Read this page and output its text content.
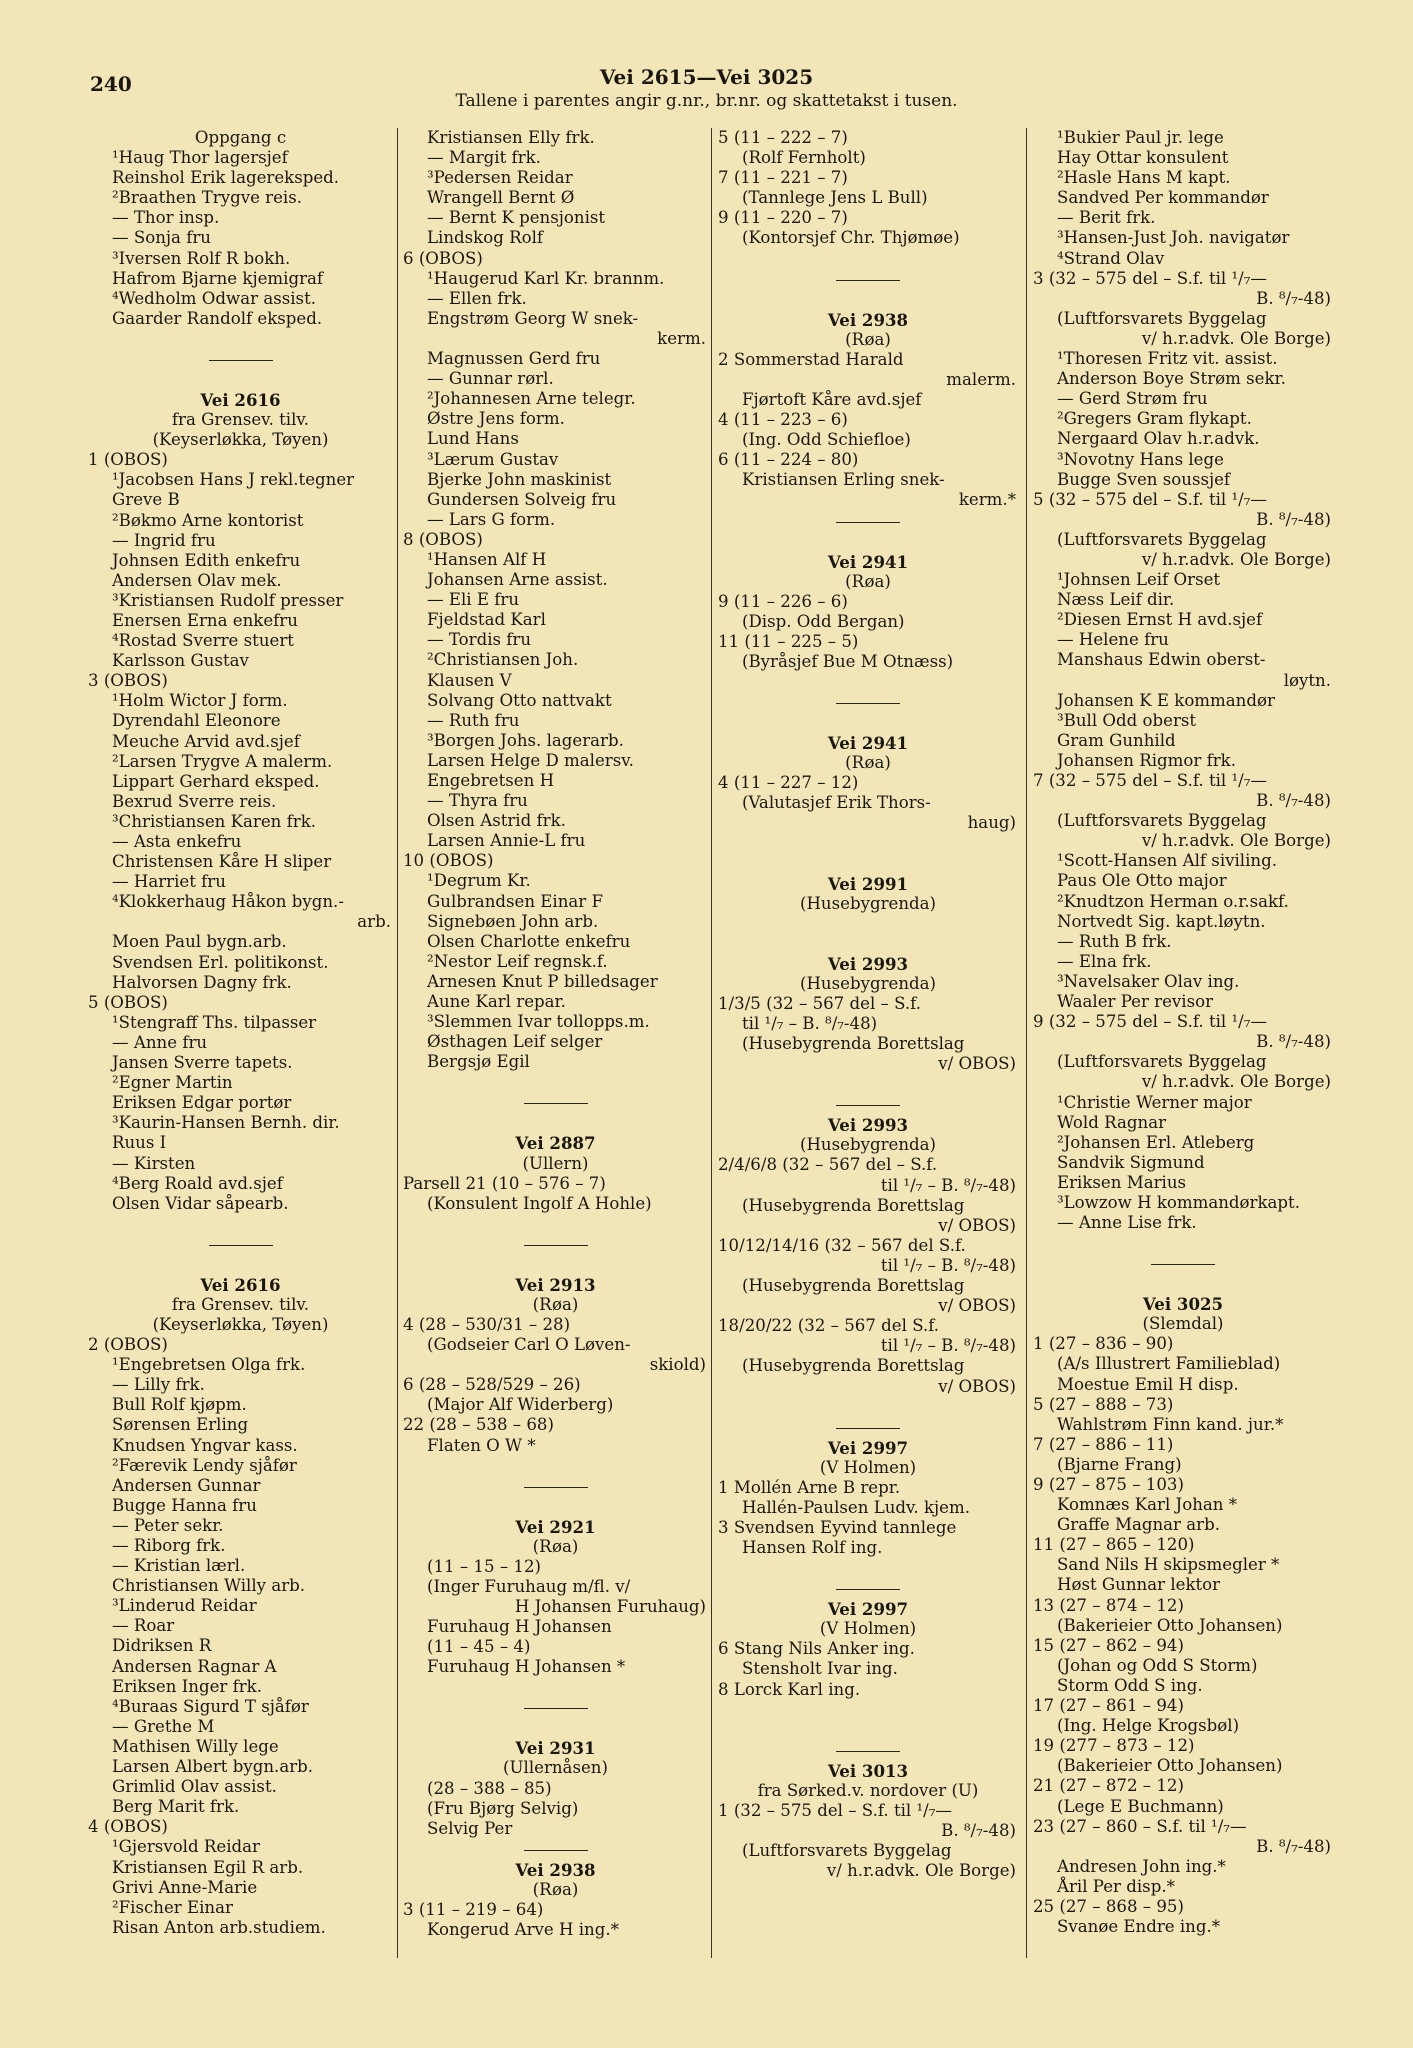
240	Vei 2615—Vei 3025
Tallene i parentes angir g.nr., br.nr. og skattetakst i tusen.
Oppgang c
¹Haug Thor lagersjef
Reinshol Erik lagereksped.
²Braathen Trygve reis.
— Thor insp.
— Sonja fru
³Iversen Rolf R bokh.
Hafrom Bjarne kjemigraf
⁴Wedholm Odwar assist.
Gaarder Randolf eksped.
Vei 2616
fra Grensev. tilv.
(Keyserløkka, Tøyen)
1 (OBOS)
¹Jacobsen Hans J rekl.tegner
Greve B
²Bøkmo Arne kontorist
— Ingrid fru
Johnsen Edith enkefru
Andersen Olav mek.
³Kristiansen Rudolf presser
Enersen Erna enkefru
⁴Rostad Sverre stuert
Karlsson Gustav
3 (OBOS)
¹Holm Wictor J form.
Dyrendahl Eleonore
Meuche Arvid avd.sjef
²Larsen Trygve A malerm.
Lippart Gerhard eksped.
Bexrud Sverre reis.
³Christiansen Karen frk.
— Asta enkefru
Christensen Kåre H sliper
— Harriet fru
⁴Klokkerhaug Håkon bygn.-
arb.
Moen Paul bygn.arb.
Svendsen Erl. politikonst.
Halvorsen Dagny frk.
5 (OBOS)
¹Stengraff Ths. tilpasser
— Anne fru
Jansen Sverre tapets.
²Egner Martin
Eriksen Edgar portør
³Kaurin-Hansen Bernh. dir.
Ruus I
— Kirsten
⁴Berg Roald avd.sjef
Olsen Vidar såpearb.
Vei 2616
fra Grensev. tilv.
(Keyserløkka, Tøyen)
2 (OBOS)
¹Engebretsen Olga frk.
— Lilly frk.
Bull Rolf kjøpm.
Sørensen Erling
Knudsen Yngvar kass.
²Færevik Lendy sjåfør
Andersen Gunnar
Bugge Hanna fru
— Peter sekr.
— Riborg frk.
— Kristian lærl.
Christiansen Willy arb.
³Linderud Reidar
— Roar
Didriksen R
Andersen Ragnar A
Eriksen Inger frk.
⁴Buraas Sigurd T sjåfør
— Grethe M
Mathisen Willy lege
Larsen Albert bygn.arb.
Grimlid Olav assist.
Berg Marit frk.
4 (OBOS)
¹Gjersvold Reidar
Kristiansen Egil R arb.
Grivi Anne-Marie
²Fischer Einar
Risan Anton arb.studiem.
Kristiansen Elly frk.
— Margit frk.
³Pedersen Reidar
Wrangell Bernt Ø
— Bernt K pensjonist
Lindskog Rolf
6 (OBOS)
¹Haugerud Karl Kr. brannm.
— Ellen frk.
Engstrøm Georg W snek-
kerm.
Magnussen Gerd fru
— Gunnar rørl.
²Johannesen Arne telegr.
Østre Jens form.
Lund Hans
³Lærum Gustav
Bjerke John maskinist
Gundersen Solveig fru
— Lars G form.
8 (OBOS)
¹Hansen Alf H
Johansen Arne assist.
— Eli E fru
Fjeldstad Karl
— Tordis fru
²Christiansen Joh.
Klausen V
Solvang Otto nattvakt
— Ruth fru
³Borgen Johs. lagerarb.
Larsen Helge D malersv.
Engebretsen H
— Thyra fru
Olsen Astrid frk.
Larsen Annie-L fru
10 (OBOS)
¹Degrum Kr.
Gulbrandsen Einar F
Signebøen John arb.
Olsen Charlotte enkefru
²Nestor Leif regnsk.f.
Arnesen Knut P billedsager
Aune Karl repar.
³Slemmen Ivar tollopps.m.
Østhagen Leif selger
Bergsjø Egil
Vei 2887
(Ullern)
Parsell 21 (10 – 576 – 7)
(Konsulent Ingolf A Hohle)
Vei 2913
(Røa)
4 (28 – 530/31 – 28)
(Godseier Carl O Løven-
skiold)
6 (28 – 528/529 – 26)
(Major Alf Widerberg)
22 (28 – 538 – 68)
Flaten O W *
Vei 2921
(Røa)
(11 – 15 – 12)
(Inger Furuhaug m/fl. v/
H Johansen Furuhaug)
Furuhaug H Johansen
(11 – 45 – 4)
Furuhaug H Johansen *
Vei 2931
(Ullernåsen)
(28 – 388 – 85)
(Fru Bjørg Selvig)
Selvig Per
Vei 2938
(Røa)
3 (11 – 219 – 64)
Kongerud Arve H ing.*
5 (11 – 222 – 7)
(Rolf Fernholt)
7 (11 – 221 – 7)
(Tannlege Jens L Bull)
9 (11 – 220 – 7)
(Kontorsjef Chr. Thjømøe)
Vei 2938
(Røa)
2 Sommerstad Harald
malerm.
Fjørtoft Kåre avd.sjef
4 (11 – 223 – 6)
(Ing. Odd Schiefloe)
6 (11 – 224 – 80)
Kristiansen Erling snek-
kerm.*
Vei 2941
(Røa)
9 (11 – 226 – 6)
(Disp. Odd Bergan)
11 (11 – 225 – 5)
(Byråsjef Bue M Otnæss)
Vei 2941
(Røa)
4 (11 – 227 – 12)
(Valutasjef Erik Thors-
haug)
Vei 2991
(Husebygrenda)
Vei 2993
(Husebygrenda)
1/3/5 (32 – 567 del – S.f.
til ¹/₇ – B. ⁸/₇-48)
(Husebygrenda Borettslag
v/ OBOS)
Vei 2993
(Husebygrenda)
2/4/6/8 (32 – 567 del – S.f.
til ¹/₇ – B. ⁸/₇-48)
(Husebygrenda Borettslag
v/ OBOS)
10/12/14/16 (32 – 567 del S.f.
til ¹/₇ – B. ⁸/₇-48)
(Husebygrenda Borettslag
v/ OBOS)
18/20/22 (32 – 567 del S.f.
til ¹/₇ – B. ⁸/₇-48)
(Husebygrenda Borettslag
v/ OBOS)
Vei 2997
(V Holmen)
1 Mollén Arne B repr.
Hallén-Paulsen Ludv. kjem.
3 Svendsen Eyvind tannlege
Hansen Rolf ing.
Vei 2997
(V Holmen)
6 Stang Nils Anker ing.
Stensholt Ivar ing.
8 Lorck Karl ing.
Vei 3013
fra Sørked.v. nordover (U)
1 (32 – 575 del – S.f. til ¹/₇—
B. ⁸/₇-48)
(Luftforsvarets Byggelag
v/ h.r.advk. Ole Borge)
¹Bukier Paul jr. lege
Hay Ottar konsulent
²Hasle Hans M kapt.
Sandved Per kommandør
— Berit frk.
³Hansen-Just Joh. navigatør
⁴Strand Olav
3 (32 – 575 del – S.f. til ¹/₇—
B. ⁸/₇-48)
(Luftforsvarets Byggelag
v/ h.r.advk. Ole Borge)
¹Thoresen Fritz vit. assist.
Anderson Boye Strøm sekr.
— Gerd Strøm fru
²Gregers Gram flykapt.
Nergaard Olav h.r.advk.
³Novotny Hans lege
Bugge Sven soussjef
5 (32 – 575 del – S.f. til ¹/₇—
B. ⁸/₇-48)
(Luftforsvarets Byggelag
v/ h.r.advk. Ole Borge)
¹Johnsen Leif Orset
Næss Leif dir.
²Diesen Ernst H avd.sjef
— Helene fru
Manshaus Edwin oberst-
løytn.
Johansen K E kommandør
³Bull Odd oberst
Gram Gunhild
Johansen Rigmor frk.
7 (32 – 575 del – S.f. til ¹/₇—
B. ⁸/₇-48)
(Luftforsvarets Byggelag
v/ h.r.advk. Ole Borge)
¹Scott-Hansen Alf siviling.
Paus Ole Otto major
²Knudtzon Herman o.r.sakf.
Nortvedt Sig. kapt.løytn.
— Ruth B frk.
— Elna frk.
³Navelsaker Olav ing.
Waaler Per revisor
9 (32 – 575 del – S.f. til ¹/₇—
B. ⁸/₇-48)
(Luftforsvarets Byggelag
v/ h.r.advk. Ole Borge)
¹Christie Werner major
Wold Ragnar
²Johansen Erl. Atleberg
Sandvik Sigmund
Eriksen Marius
³Lowzow H kommandørkapt.
— Anne Lise frk.
Vei 3025
(Slemdal)
1 (27 – 836 – 90)
(A/s Illustrert Familieblad)
Moestue Emil H disp.
5 (27 – 888 – 73)
Wahlstrøm Finn kand. jur.*
7 (27 – 886 – 11)
(Bjarne Frang)
9 (27 – 875 – 103)
Komnæs Karl Johan *
Graffe Magnar arb.
11 (27 – 865 – 120)
Sand Nils H skipsmegler *
Høst Gunnar lektor
13 (27 – 874 – 12)
(Bakerieier Otto Johansen)
15 (27 – 862 – 94)
(Johan og Odd S Storm)
Storm Odd S ing.
17 (27 – 861 – 94)
(Ing. Helge Krogsbøl)
19 (277 – 873 – 12)
(Bakerieier Otto Johansen)
21 (27 – 872 – 12)
(Lege E Buchmann)
23 (27 – 860 – S.f. til ¹/₇—
B. ⁸/₇-48)
Andresen John ing.*
Åril Per disp.*
25 (27 – 868 – 95)
Svanøe Endre ing.*
